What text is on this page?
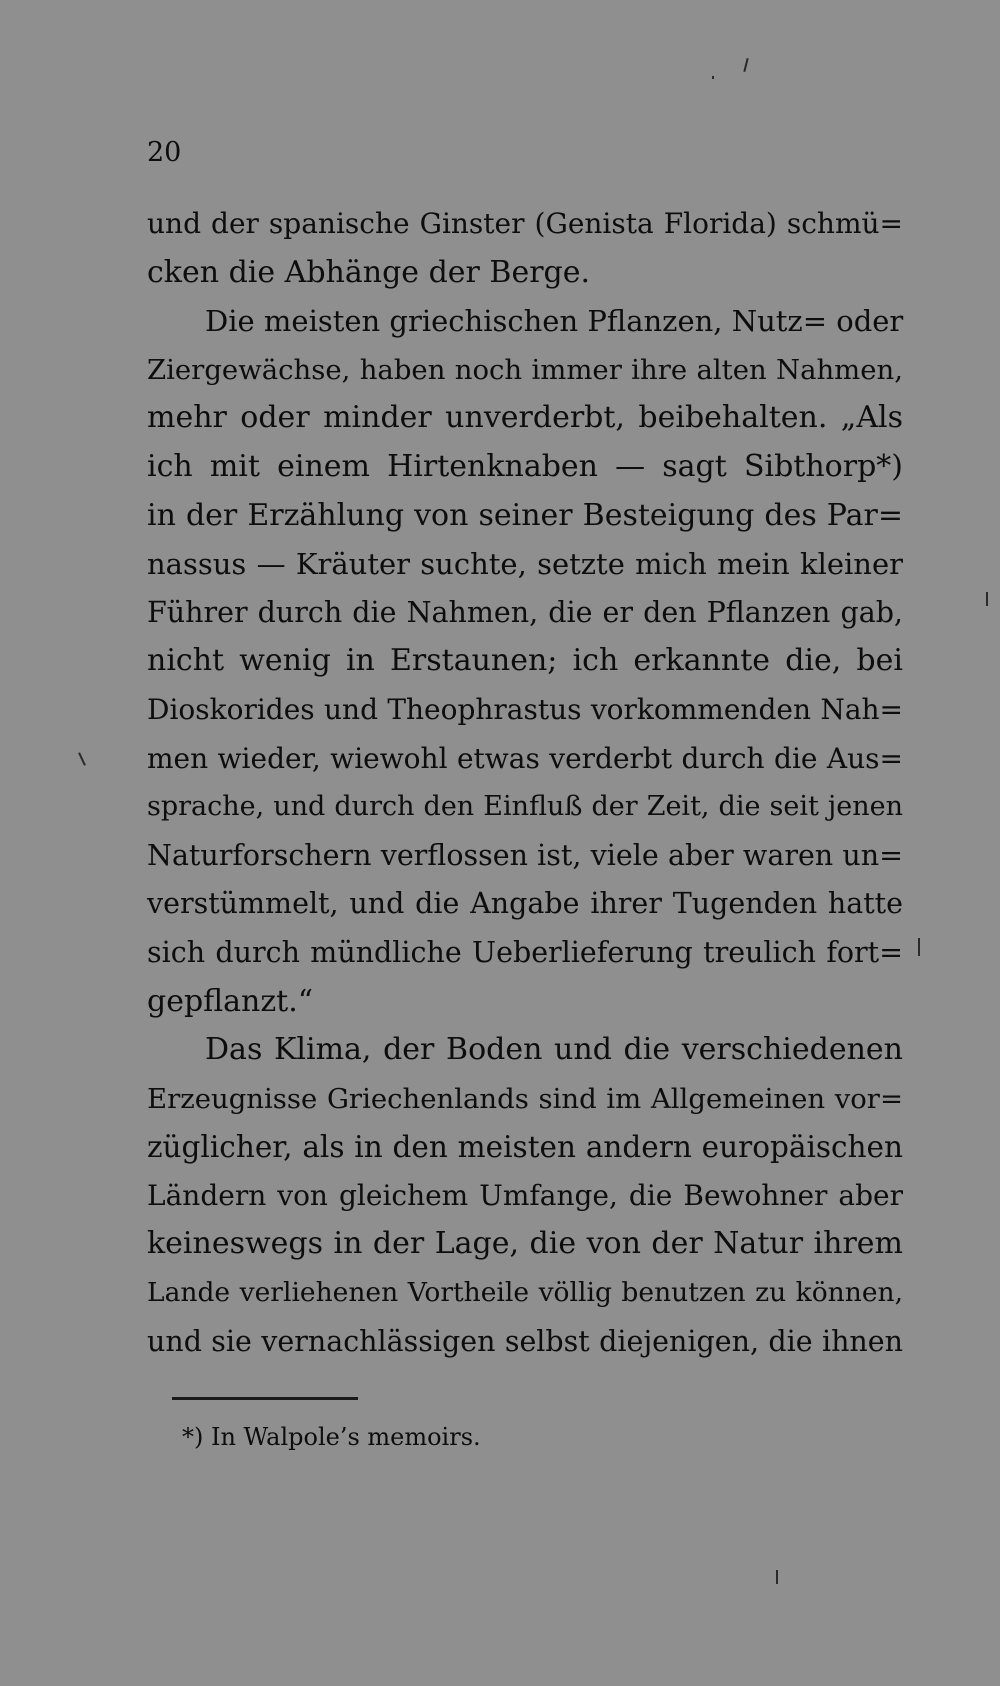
20
und der spanische Ginster (Genista Florida) schmü=
cken die Abhänge der Berge.
Die meisten griechischen Pflanzen, Nutz= oder
Ziergewächse, haben noch immer ihre alten Nahmen,
mehr oder minder unverderbt, beibehalten. „Als
ich mit einem Hirtenknaben — sagt Sibthorp*)
in der Erzählung von seiner Besteigung des Par=
nassus — Kräuter suchte, setzte mich mein kleiner
Führer durch die Nahmen, die er den Pflanzen gab,
nicht wenig in Erstaunen; ich erkannte die, bei
Dioskorides und Theophrastus vorkommenden Nah=
men wieder, wiewohl etwas verderbt durch die Aus=
sprache, und durch den Einfluß der Zeit, die seit jenen
Naturforschern verflossen ist, viele aber waren un=
verstümmelt, und die Angabe ihrer Tugenden hatte
sich durch mündliche Ueberlieferung treulich fort=
gepflanzt.“
Das Klima, der Boden und die verschiedenen
Erzeugnisse Griechenlands sind im Allgemeinen vor=
züglicher, als in den meisten andern europäischen
Ländern von gleichem Umfange, die Bewohner aber
keineswegs in der Lage, die von der Natur ihrem
Lande verliehenen Vortheile völlig benutzen zu können,
und sie vernachlässigen selbst diejenigen, die ihnen
*) In Walpole’s memoirs.
